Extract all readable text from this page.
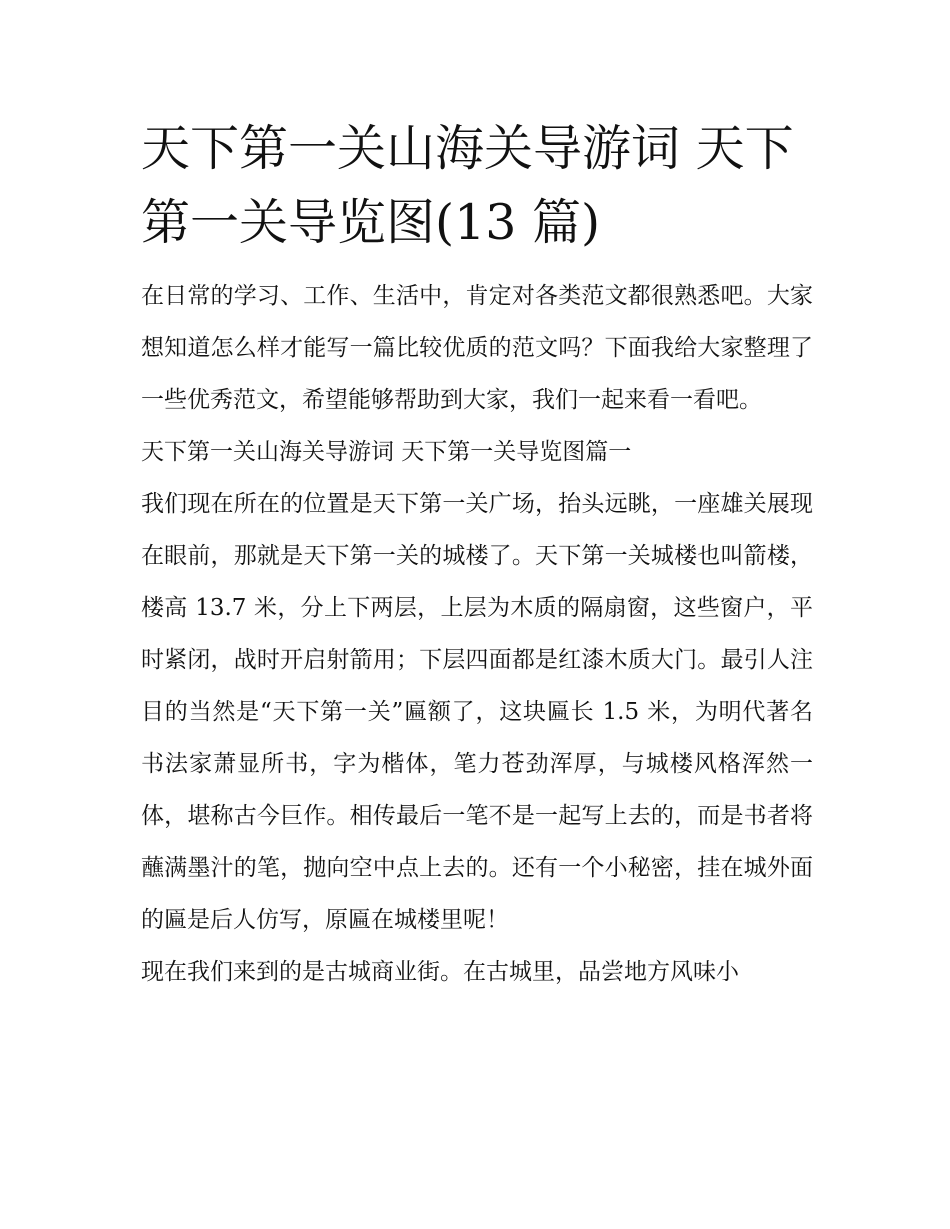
天下第一关山海关导游词 天下第一关导览图(13 篇)

在日常的学习、工作、生活中，肯定对各类范文都很熟悉吧。大家想知道怎么样才能写一篇比较优质的范文吗？下面我给大家整理了一些优秀范文，希望能够帮助到大家，我们一起来看一看吧。

天下第一关山海关导游词 天下第一关导览图篇一

我们现在所在的位置是天下第一关广场，抬头远眺，一座雄关展现在眼前，那就是天下第一关的城楼了。天下第一关城楼也叫箭楼，楼高 13.7 米，分上下两层，上层为木质的隔扇窗，这些窗户，平时紧闭，战时开启射箭用；下层四面都是红漆木质大门。最引人注目的当然是“天下第一关”匾额了，这块匾长 1.5 米，为明代著名书法家萧显所书，字为楷体，笔力苍劲浑厚，与城楼风格浑然一体，堪称古今巨作。相传最后一笔不是一起写上去的，而是书者将蘸满墨汁的笔，抛向空中点上去的。还有一个小秘密，挂在城外面的匾是后人仿写，原匾在城楼里呢！

现在我们来到的是古城商业街。在古城里，品尝地方风味小
